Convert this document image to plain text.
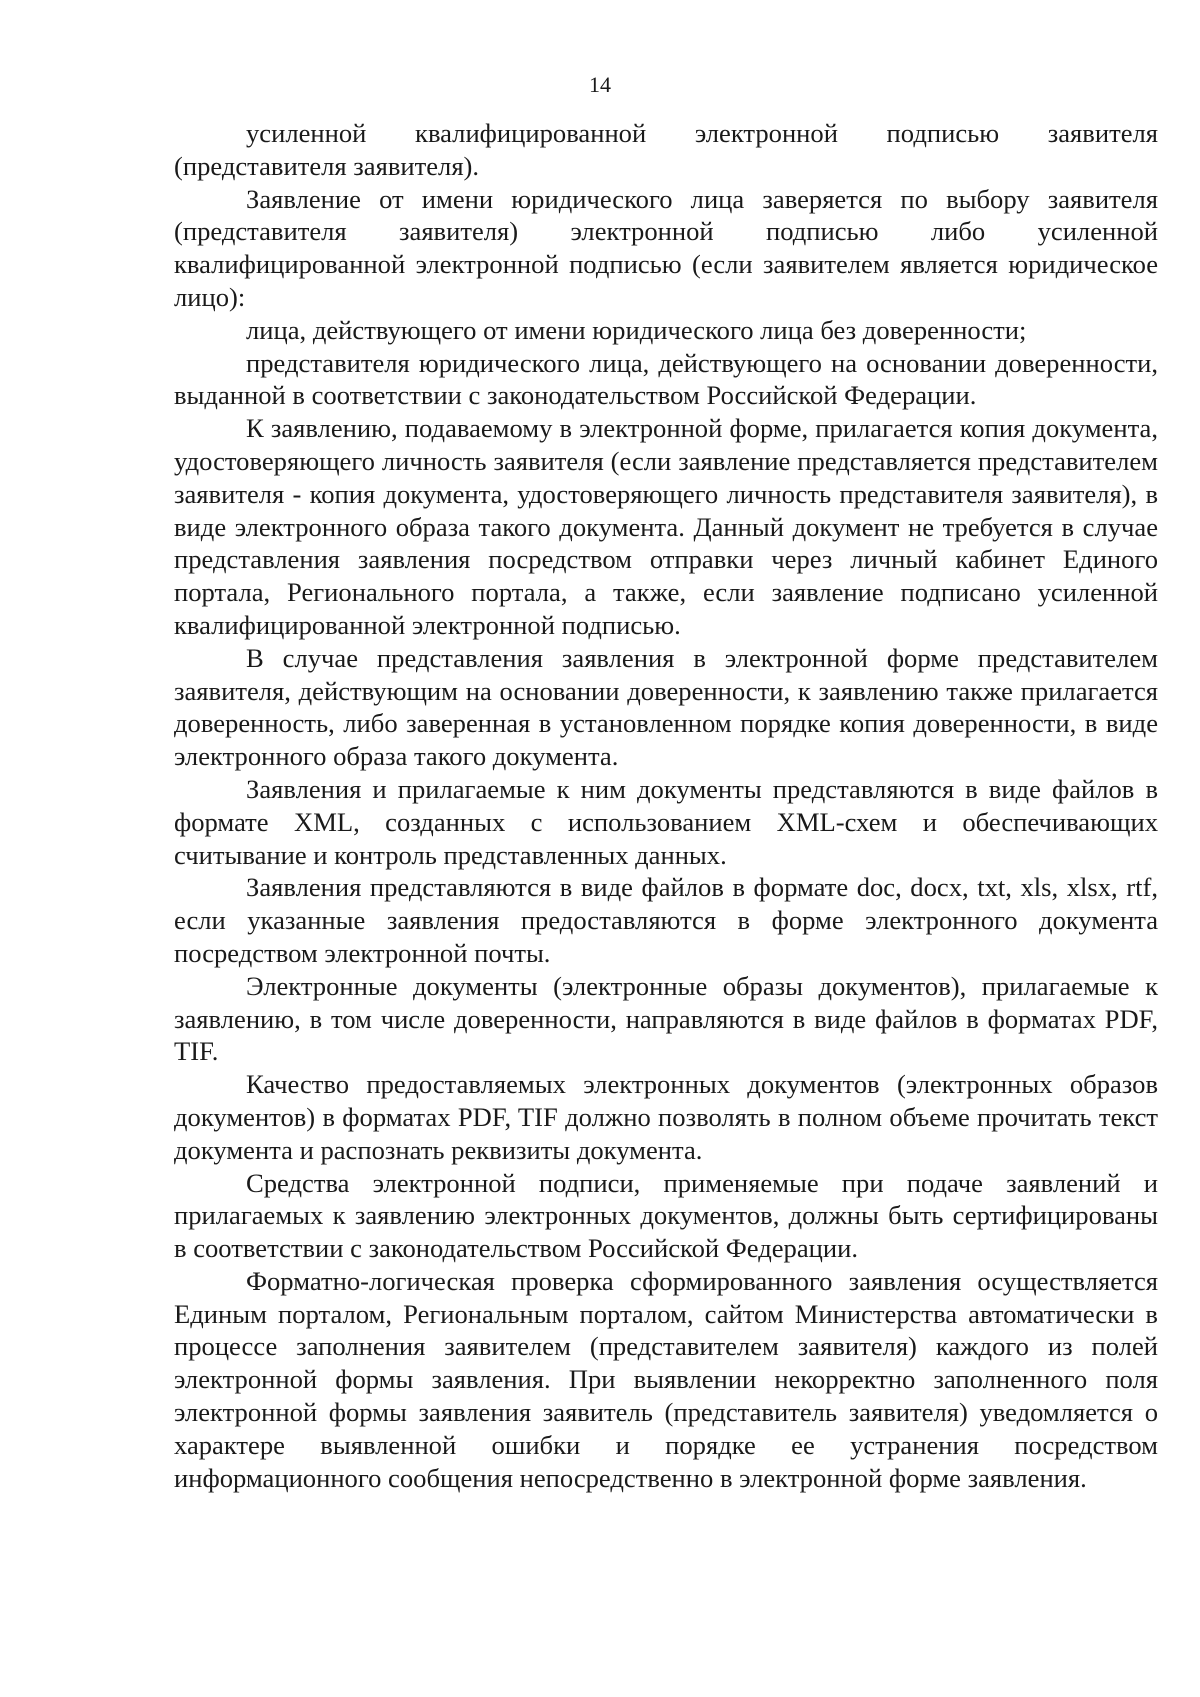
14

усиленной квалифицированной электронной подписью заявителя (представителя заявителя).

Заявление от имени юридического лица заверяется по выбору заявителя (представителя заявителя) электронной подписью либо усиленной квалифицированной электронной подписью (если заявителем является юридическое лицо):

лица, действующего от имени юридического лица без доверенности;

представителя юридического лица, действующего на основании доверенности, выданной в соответствии с законодательством Российской Федерации.

К заявлению, подаваемому в электронной форме, прилагается копия документа, удостоверяющего личность заявителя (если заявление представляется представителем заявителя - копия документа, удостоверяющего личность представителя заявителя), в виде электронного образа такого документа. Данный документ не требуется в случае представления заявления посредством отправки через личный кабинет Единого портала, Регионального портала, а также, если заявление подписано усиленной квалифицированной электронной подписью.

В случае представления заявления в электронной форме представителем заявителя, действующим на основании доверенности, к заявлению также прилагается доверенность, либо заверенная в установленном порядке копия доверенности, в виде электронного образа такого документа.

Заявления и прилагаемые к ним документы представляются в виде файлов в формате XML, созданных с использованием XML-схем и обеспечивающих считывание и контроль представленных данных.

Заявления представляются в виде файлов в формате doc, docx, txt, xls, xlsx, rtf, если указанные заявления предоставляются в форме электронного документа посредством электронной почты.

Электронные документы (электронные образы документов), прилагаемые к заявлению, в том числе доверенности, направляются в виде файлов в форматах PDF, TIF.

Качество предоставляемых электронных документов (электронных образов документов) в форматах PDF, TIF должно позволять в полном объеме прочитать текст документа и распознать реквизиты документа.

Средства электронной подписи, применяемые при подаче заявлений и прилагаемых к заявлению электронных документов, должны быть сертифицированы в соответствии с законодательством Российской Федерации.

Форматно-логическая проверка сформированного заявления осуществляется Единым порталом, Региональным порталом, сайтом Министерства автоматически в процессе заполнения заявителем (представителем заявителя) каждого из полей электронной формы заявления. При выявлении некорректно заполненного поля электронной формы заявления заявитель (представитель заявителя) уведомляется о характере выявленной ошибки и порядке ее устранения посредством информационного сообщения непосредственно в электронной форме заявления.
